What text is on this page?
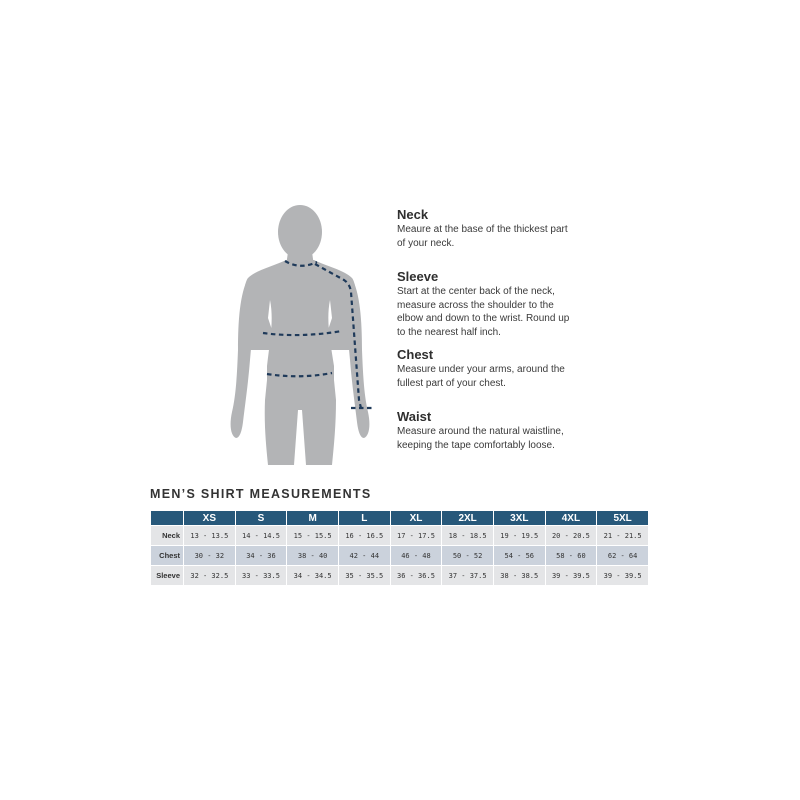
Neck
Meaure at the base of the thickest part
of your neck.
Sleeve
Start at the center back of the neck,
measure across the shoulder to the
elbow and down to the wrist. Round up
to the nearest half inch.
Chest
Measure under your arms, around the
fullest part of your chest.
Waist
Measure around the natural waistline,
keeping the tape comfortably loose.
MEN’S SHIRT MEASUREMENTS
	XS	S	M	L	XL	2XL	3XL	4XL	5XL
Neck	13 - 13.5	14 - 14.5	15 - 15.5	16 - 16.5	17 - 17.5	18 - 18.5	19 - 19.5	20 - 20.5	21 - 21.5
Chest	30 - 32	34 - 36	38 - 40	42 - 44	46 - 48	50 - 52	54 - 56	58 - 60	62 - 64
Sleeve	32 - 32.5	33 - 33.5	34 - 34.5	35 - 35.5	36 - 36.5	37 - 37.5	38 - 38.5	39 - 39.5	39 - 39.5
